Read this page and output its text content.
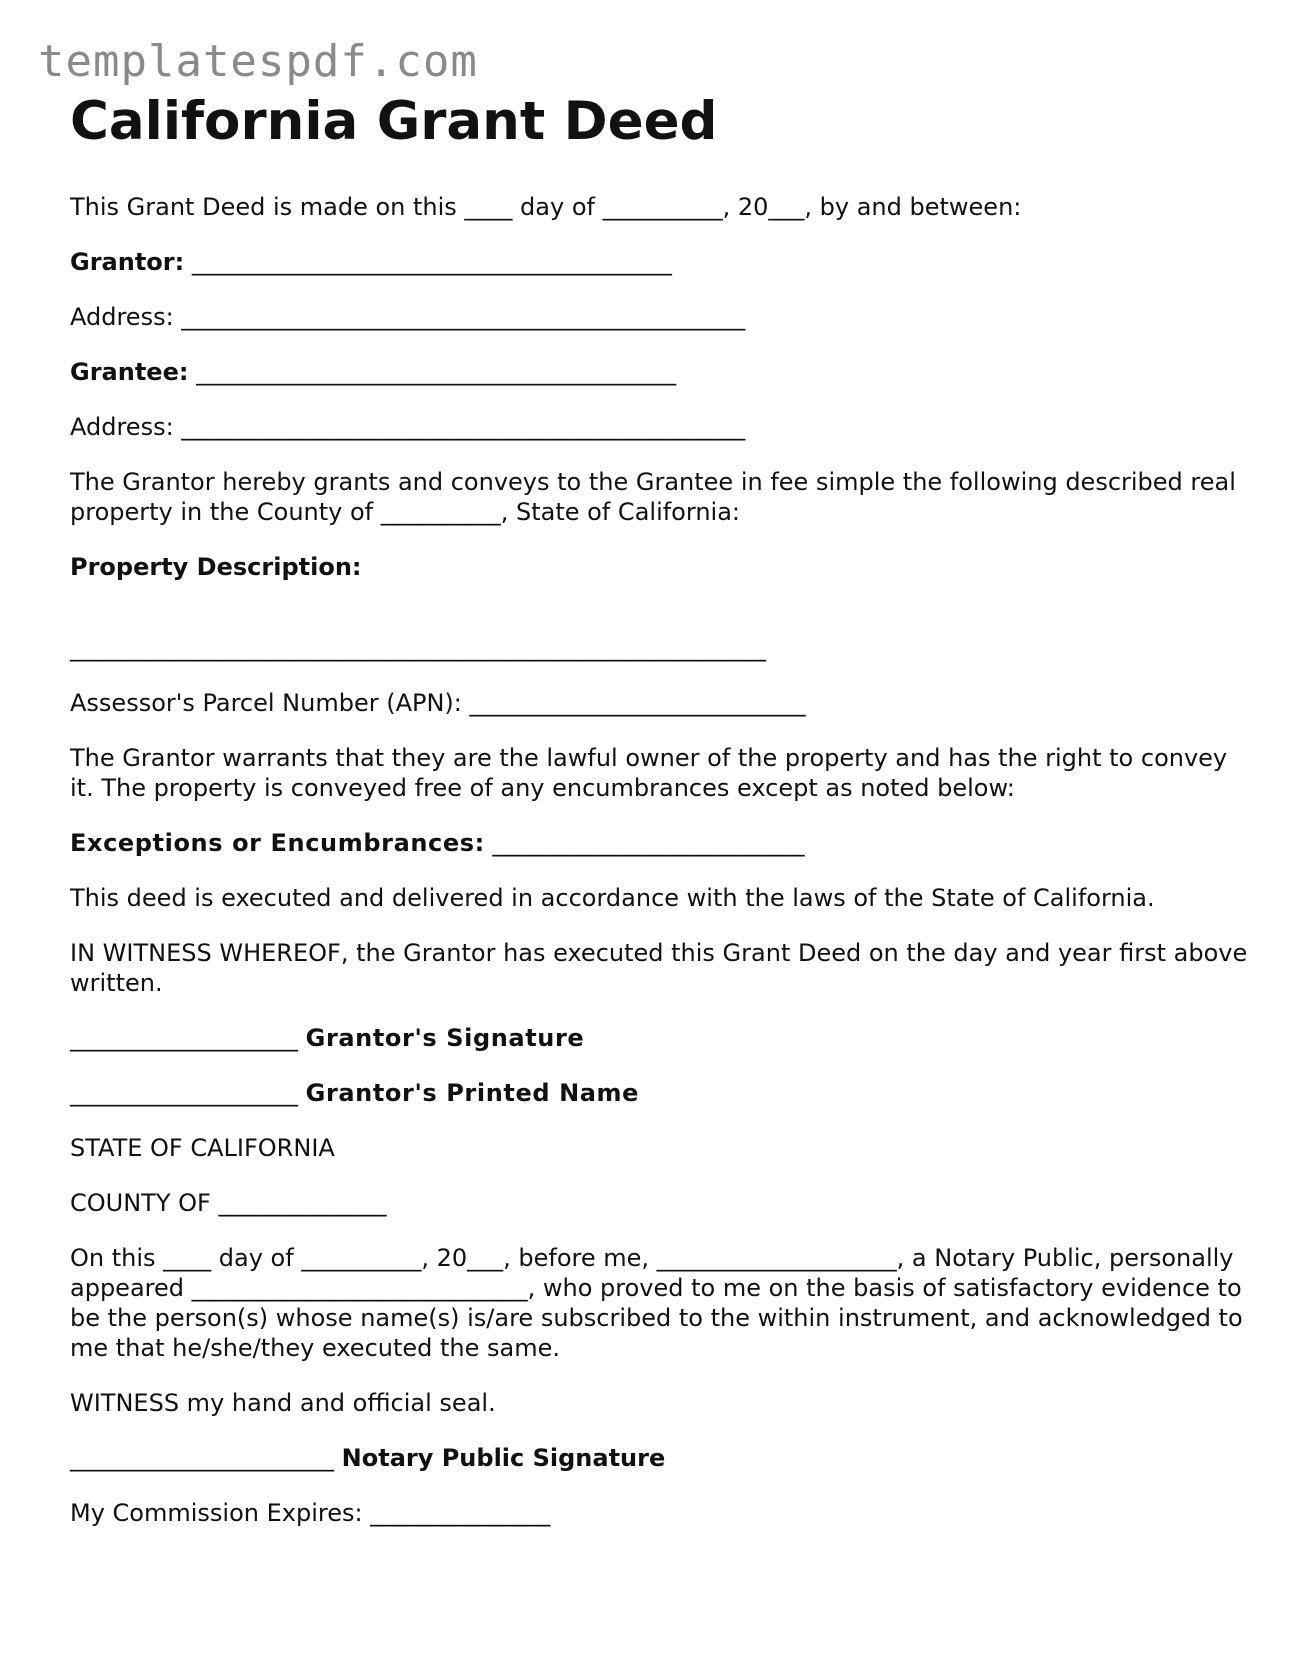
templatespdf.com
California Grant Deed

This Grant Deed is made on this ____ day of __________, 20___, by and between:

Grantor: ________________________________________

Address: _______________________________________________

Grantee: ________________________________________

Address: _______________________________________________

The Grantor hereby grants and conveys to the Grantee in fee simple the following described real property in the County of __________, State of California:

Property Description:

__________________________________________________________

Assessor's Parcel Number (APN): ____________________________

The Grantor warrants that they are the lawful owner of the property and has the right to convey it. The property is conveyed free of any encumbrances except as noted below:

Exceptions or Encumbrances: __________________________

This deed is executed and delivered in accordance with the laws of the State of California.

IN WITNESS WHEREOF, the Grantor has executed this Grant Deed on the day and year first above written.

___________________ Grantor's Signature

___________________ Grantor's Printed Name

STATE OF CALIFORNIA

COUNTY OF ______________

On this ____ day of __________, 20___, before me, ____________________, a Notary Public, personally appeared ____________________________, who proved to me on the basis of satisfactory evidence to be the person(s) whose name(s) is/are subscribed to the within instrument, and acknowledged to me that he/she/they executed the same.

WITNESS my hand and official seal.

______________________ Notary Public Signature

My Commission Expires: _______________
